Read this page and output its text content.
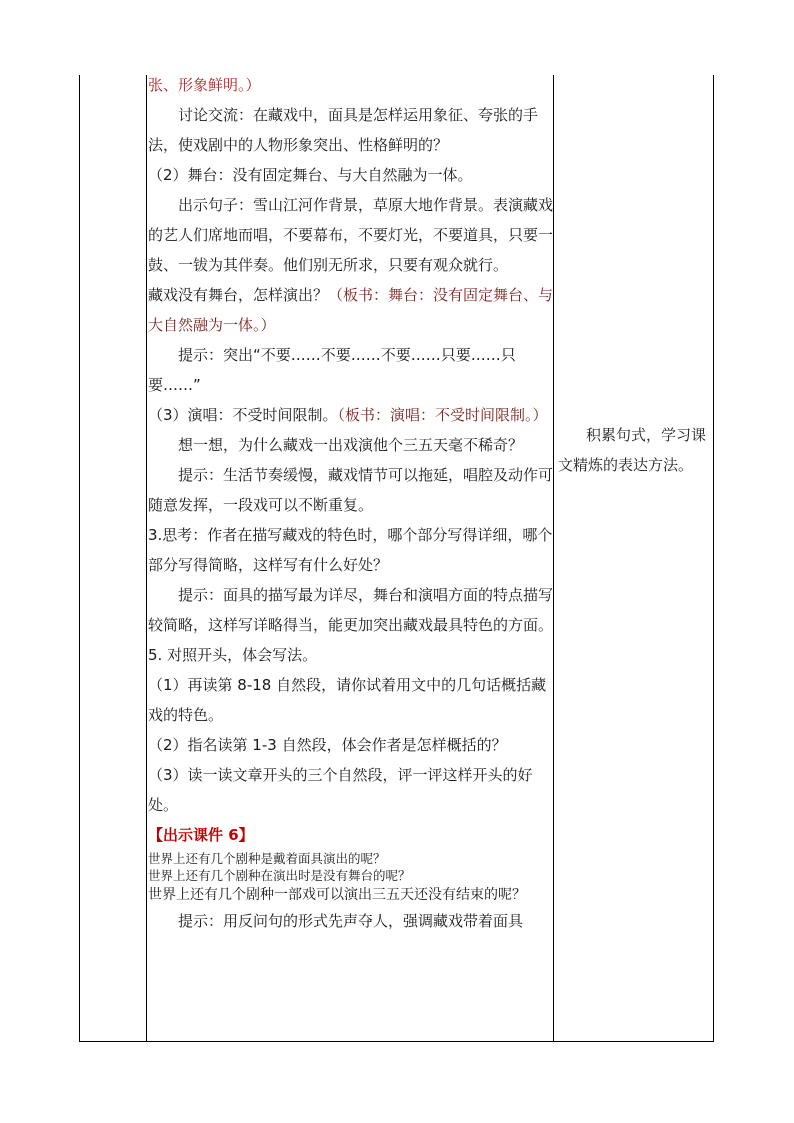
张、形象鲜明。）

讨论交流：在藏戏中，面具是怎样运用象征、夸张的手法，使戏剧中的人物形象突出、性格鲜明的？

（2）舞台：没有固定舞台、与大自然融为一体。

出示句子：雪山江河作背景，草原大地作背景。表演藏戏的艺人们席地而唱，不要幕布，不要灯光，不要道具，只要一鼓、一钹为其伴奏。他们别无所求，只要有观众就行。

藏戏没有舞台，怎样演出？（板书：舞台：没有固定舞台、与大自然融为一体。）

提示：突出“不要……不要……不要……只要……只要……”

（3）演唱：不受时间限制。（板书：演唱：不受时间限制。）

想一想，为什么藏戏一出戏演他个三五天毫不稀奇？

提示：生活节奏缓慢，藏戏情节可以拖延，唱腔及动作可随意发挥，一段戏可以不断重复。

3.思考：作者在描写藏戏的特色时，哪个部分写得详细，哪个部分写得简略，这样写有什么好处？

提示：面具的描写最为详尽，舞台和演唱方面的特点描写较简略，这样写详略得当，能更加突出藏戏最具特色的方面。

5. 对照开头，体会写法。

（1）再读第 8-18 自然段，请你试着用文中的几句话概括藏戏的特色。

（2）指名读第 1-3 自然段，体会作者是怎样概括的？

（3）读一读文章开头的三个自然段，评一评这样开头的好处。

【出示课件 6】

世界上还有几个剧种是戴着面具演出的呢？

世界上还有几个剧种在演出时是没有舞台的呢？

世界上还有几个剧种一部戏可以演出三五天还没有结束的呢？

提示：用反问句的形式先声夺人，强调藏戏带着面具

积累句式，学习课

文精炼的表达方法。
